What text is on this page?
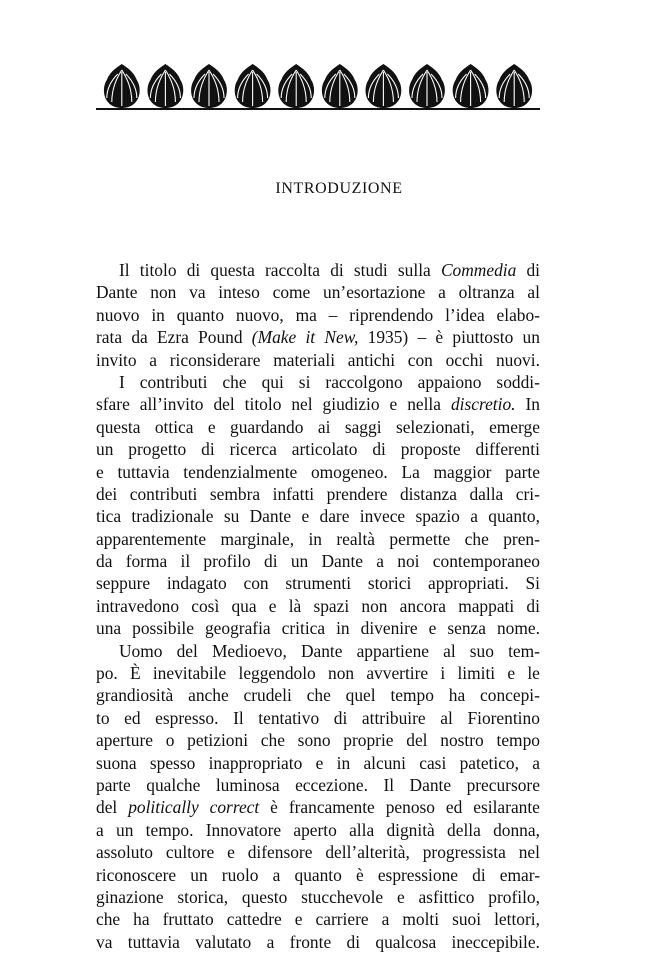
INTRODUZIONE
Il titolo di questa raccolta di studi sulla Commedia di
Dante non va inteso come un’esortazione a oltranza al
nuovo in quanto nuovo, ma – riprendendo l’idea elabo-
rata da Ezra Pound (Make it New, 1935) – è piuttosto un
invito a riconsiderare materiali antichi con occhi nuovi.
I contributi che qui si raccolgono appaiono soddi-
sfare all’invito del titolo nel giudizio e nella discretio. In
questa ottica e guardando ai saggi selezionati, emerge
un progetto di ricerca articolato di proposte differenti
e tuttavia tendenzialmente omogeneo. La maggior parte
dei contributi sembra infatti prendere distanza dalla cri-
tica tradizionale su Dante e dare invece spazio a quanto,
apparentemente marginale, in realtà permette che pren-
da forma il profilo di un Dante a noi contemporaneo
seppure indagato con strumenti storici appropriati. Si
intravedono così qua e là spazi non ancora mappati di
una possibile geografia critica in divenire e senza nome.
Uomo del Medioevo, Dante appartiene al suo tem-
po. È inevitabile leggendolo non avvertire i limiti e le
grandiosità anche crudeli che quel tempo ha concepi-
to ed espresso. Il tentativo di attribuire al Fiorentino
aperture o petizioni che sono proprie del nostro tempo
suona spesso inappropriato e in alcuni casi patetico, a
parte qualche luminosa eccezione. Il Dante precursore
del politically correct è francamente penoso ed esilarante
a un tempo. Innovatore aperto alla dignità della donna,
assoluto cultore e difensore dell’alterità, progressista nel
riconoscere un ruolo a quanto è espressione di emar-
ginazione storica, questo stucchevole e asfittico profilo,
che ha fruttato cattedre e carriere a molti suoi lettori,
va tuttavia valutato a fronte di qualcosa ineccepibile.
